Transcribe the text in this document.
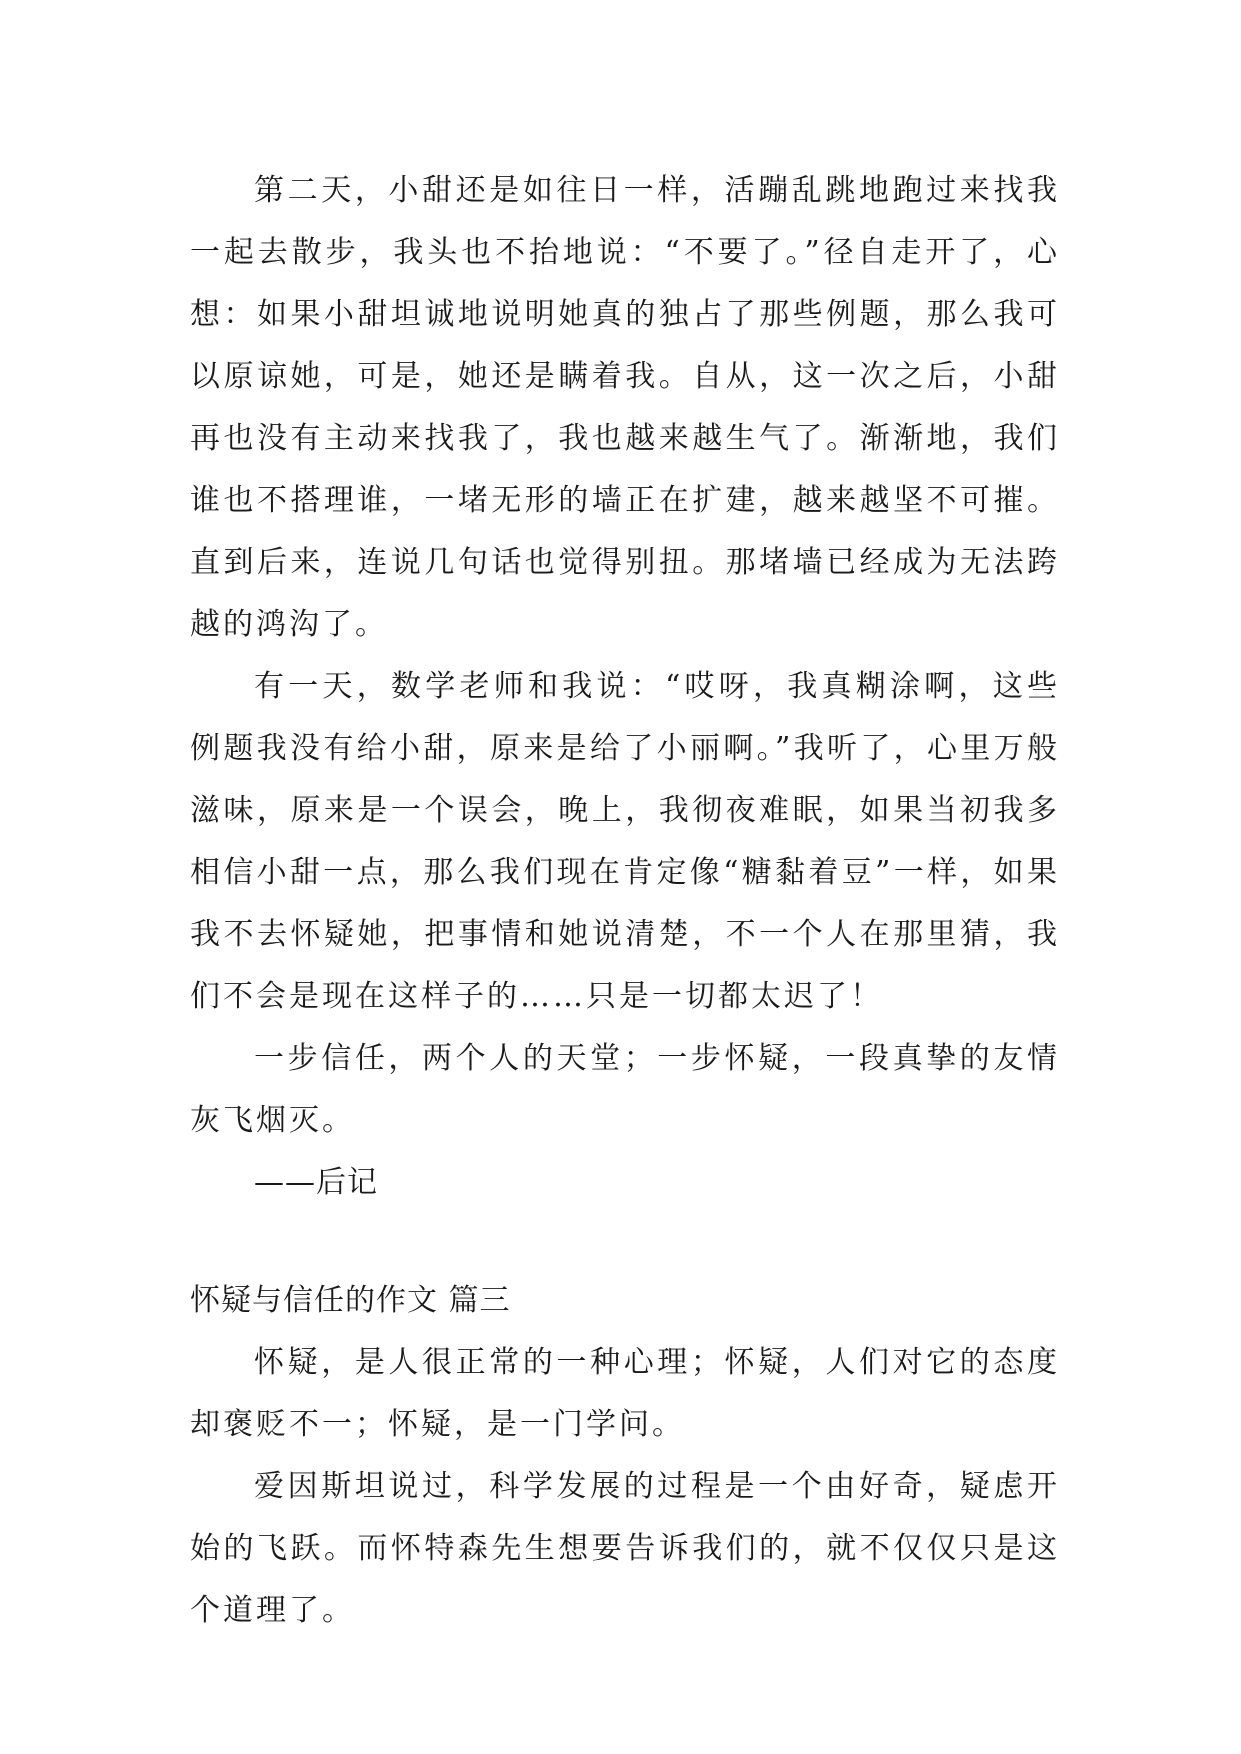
第二天，小甜还是如往日一样，活蹦乱跳地跑过来找我一起去散步，我头也不抬地说：“不要了。”径自走开了，心想：如果小甜坦诚地说明她真的独占了那些例题，那么我可以原谅她，可是，她还是瞒着我。自从，这一次之后，小甜再也没有主动来找我了，我也越来越生气了。渐渐地，我们谁也不搭理谁，一堵无形的墙正在扩建，越来越坚不可摧。直到后来，连说几句话也觉得别扭。那堵墙已经成为无法跨越的鸿沟了。

有一天，数学老师和我说：“哎呀，我真糊涂啊，这些例题我没有给小甜，原来是给了小丽啊。”我听了，心里万般滋味，原来是一个误会，晚上，我彻夜难眠，如果当初我多相信小甜一点，那么我们现在肯定像“糖黏着豆”一样，如果我不去怀疑她，把事情和她说清楚，不一个人在那里猜，我们不会是现在这样子的……只是一切都太迟了！

一步信任，两个人的天堂；一步怀疑，一段真挚的友情灰飞烟灭。

——后记

怀疑与信任的作文 篇三

怀疑，是人很正常的一种心理；怀疑，人们对它的态度却褒贬不一；怀疑，是一门学问。

爱因斯坦说过，科学发展的过程是一个由好奇，疑虑开始的飞跃。而怀特森先生想要告诉我们的，就不仅仅只是这个道理了。
